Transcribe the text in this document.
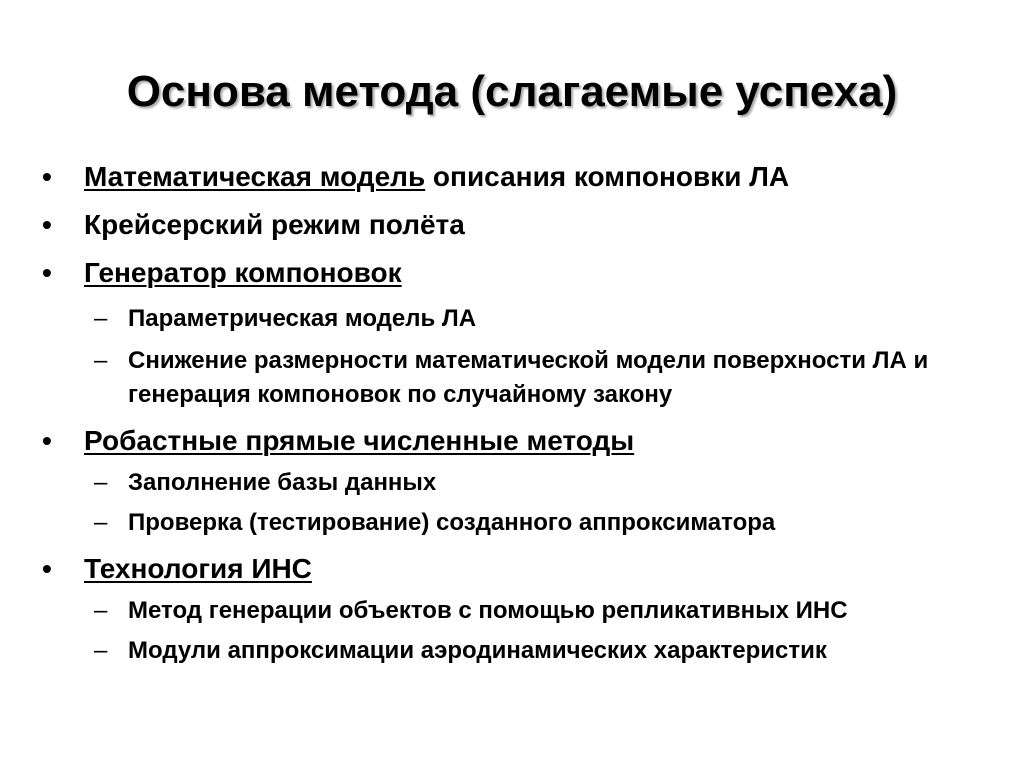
Основа метода (слагаемые успеха)
• Математическая модель описания компоновки ЛА
• Крейсерский режим полёта
• Генератор компоновок
– Параметрическая модель ЛА
– Снижение размерности математической модели поверхности ЛА и генерация компоновок по случайному закону
• Робастные прямые численные методы
– Заполнение базы данных
– Проверка (тестирование) созданного аппроксиматора
• Технология ИНС
– Метод генерации объектов с помощью репликативных ИНС
– Модули аппроксимации аэродинамических характеристик
